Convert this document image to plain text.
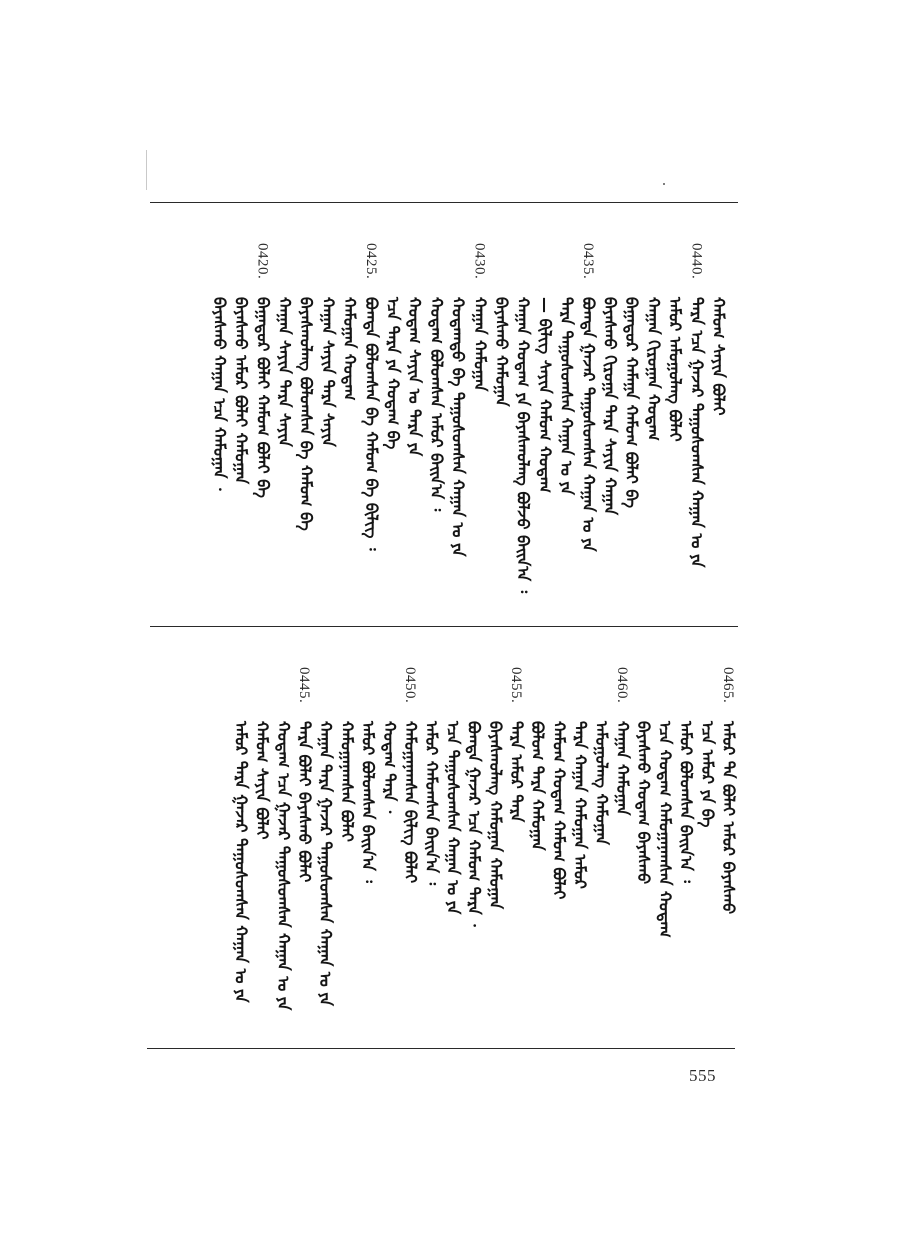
ᠬᠠᠮᠤᠭ ᠰᠠᠶᠢᠨ ᠪᠣᠯᠠᠢ
0440.
ᠲᠡᠷᠡ ᠡᠴᠡ ᠭᠠᠵᠠᠷ ᠳᠠᠭᠤᠰᠤᠭᠰᠠᠨ ᠬᠠᠭᠠᠨ ᠤ ᠶᠠ
ᠠᠮᠤᠷ ᠠᠮᠤᠭᠤᠯᠠᠩ ᠪᠣᠯᠠᠢ
ᠬᠠᠭᠠᠨ ᠬᠢᠷᠤᠭᠠᠨ ᠬᠤᠲᠠᠭ
ᠪᠠᠭᠠᠲᠤᠷ ᠬᠠᠮᠠᠭᠠ ᠬᠠᠮᠤᠭ ᠪᠣᠯᠠᠢ ᠪᠠ
ᠪᠠᠶᠠᠰᠬᠤ ᠬᠢᠷᠤᠭᠠ ᠲᠡᠷᠡ ᠰᠠᠶᠢᠨ ᠬᠠᠭᠠᠨ
0435.
ᠪᠣᠭᠳᠠ ᠭᠠᠵᠠᠷ ᠳᠠᠭᠤᠰᠤᠭᠰᠠᠨ ᠬᠠᠭᠠᠨ ᠤ ᠶᠠ
ᠲᠡᠷᠡ ᠳᠠᠭᠤᠰᠤᠭᠰᠠᠨ ᠬᠠᠭᠠᠨ ᠤ ᠶᠠ
— ᠪᠢᠯᠢᠭ ᠰᠠᠶᠢᠨ ᠬᠠᠮᠤᠭ ᠬᠤᠲᠠᠭ
ᠬᠠᠭᠠᠨ ᠬᠤᠲᠠᠭ ᠶᠠ ᠪᠠᠶᠠᠰᠬᠤᠯᠠᠩ ᠪᠣᠯᠵᠤ ᠪᠠᠢᠨ᠎ᠠ ᠄
ᠪᠠᠶᠠᠰᠬᠤ ᠬᠠᠮᠤᠭᠠᠨ
0430.
ᠬᠠᠭᠠᠨ ᠬᠠᠮᠤᠭᠠᠨ
ᠬᠤᠲᠠᠭᠲᠤ ᠪᠠ ᠳᠠᠭᠤᠰᠤᠭᠰᠠᠨ ᠬᠠᠭᠠᠨ ᠤ ᠶᠠ
ᠬᠤᠲᠠᠭ ᠪᠣᠯᠤᠭᠰᠠᠨ ᠠᠮᠤᠷ ᠪᠠᠢᠨ᠎ᠠ ᠄
ᠬᠤᠲᠠᠭ ᠰᠠᠶᠢᠨ ᠤ ᠲᠡᠷᠡ ᠶᠠ
ᠡᠴᠡ ᠲᠡᠷᠡ ᠶᠠ ᠬᠤᠲᠠᠭ ᠪᠠ
0425.
ᠪᠣᠭᠳᠠ ᠪᠣᠯᠤᠭᠰᠠᠨ ᠪᠠ ᠬᠠᠮᠤᠭ ᠪᠠ ᠪᠢᠯᠢᠭ ᠄
ᠬᠠᠮᠤᠭᠠᠨ ᠬᠤᠲᠠᠭ
ᠬᠠᠭᠠᠨ ᠰᠠᠶᠢᠨ ᠲᠡᠷᠡ ᠰᠠᠶᠢᠨ
ᠪᠠᠶᠠᠰᠬᠤᠯᠠᠩ ᠪᠣᠯᠤᠭᠰᠠᠨ ᠪᠠ ᠬᠠᠮᠤᠭ ᠪᠠ
ᠬᠠᠭᠠᠨ ᠰᠠᠶᠢᠨ ᠲᠡᠷᠡ ᠰᠠᠶᠢᠨ
0420.
ᠪᠠᠭᠠᠲᠤᠷ ᠪᠣᠯᠠᠢ ᠬᠠᠮᠤᠭ ᠪᠣᠯᠠᠢ ᠪᠠ
ᠪᠠᠶᠠᠰᠬᠤ ᠠᠮᠤᠷ ᠪᠣᠯᠠᠢ ᠬᠠᠮᠤᠭᠠᠨ
ᠪᠠᠶᠠᠰᠬᠤ ᠬᠠᠭᠠᠨ ᠡᠴᠡ ᠬᠠᠮᠤᠭᠠᠨ ᠂
0465.
ᠠᠮᠤᠷ ᠲᠡ ᠪᠣᠯᠠᠢ ᠠᠮᠤᠷ ᠪᠠᠶᠠᠰᠬᠤ
ᠡᠴᠡ ᠠᠮᠤᠷ ᠶᠠ ᠪᠠ
ᠠᠮᠤᠷ ᠪᠣᠯᠤᠭᠰᠠᠨ ᠪᠠᠢᠨ᠎ᠠ ᠄
ᠡᠴᠡ ᠬᠤᠲᠠᠭ ᠬᠠᠮᠤᠭᠠᠨᠠᠭᠰᠠᠨ ᠬᠤᠲᠠᠭ
ᠪᠠᠶᠠᠰᠬᠤ ᠬᠤᠲᠠᠭ ᠪᠠᠶᠠᠰᠬᠤ
0460.
ᠬᠠᠭᠠᠨ ᠬᠠᠮᠤᠭᠠᠨ
ᠠᠮᠤᠭᠤᠯᠠᠩ ᠬᠠᠮᠤᠭᠠᠨ
ᠲᠡᠷᠡ ᠬᠠᠭᠠᠨ ᠬᠠᠮᠤᠭᠠᠨ ᠠᠮᠤᠷ
ᠬᠠᠮᠤᠭ ᠬᠤᠲᠠᠭ ᠬᠠᠮᠤᠭ ᠪᠣᠯᠠᠢ
ᠪᠣᠯᠤᠭ ᠲᠡᠷᠡ ᠬᠠᠮᠤᠭᠠᠨ
0455.
ᠲᠡᠷᠡ ᠠᠮᠤᠷ ᠲᠡᠷᠡ
ᠪᠠᠶᠠᠰᠬᠤᠯᠠᠩ ᠬᠠᠮᠤᠭᠠᠨ ᠬᠠᠮᠤᠭᠠᠨ
ᠪᠣᠭᠳᠠ ᠭᠠᠵᠠᠷ ᠡᠴᠡ ᠬᠠᠮᠤᠭ ᠲᠡᠷᠡ ᠂
ᠡᠴᠡ ᠳᠠᠭᠤᠰᠤᠭᠰᠠᠨ ᠬᠠᠭᠠᠨ ᠤ ᠶᠠ
ᠠᠮᠤᠷ ᠬᠠᠮᠤᠭᠰᠠᠨ ᠪᠠᠢᠨ᠎ᠠ ᠄
0450.
ᠬᠠᠮᠤᠭᠠᠨᠠᠭᠰᠠᠨ ᠪᠢᠯᠢᠭ ᠪᠣᠯᠠᠢ
ᠬᠤᠲᠠᠭ ᠲᠡᠷᠡ ᠂
ᠠᠮᠤᠷ ᠪᠣᠯᠤᠭᠰᠠᠨ ᠪᠠᠢᠨ᠎ᠠ ᠄
ᠬᠠᠮᠤᠭᠠᠨᠠᠭᠰᠠᠨ ᠪᠣᠯᠠᠢ
ᠬᠠᠭᠠᠨ ᠲᠡᠷᠡ ᠭᠠᠵᠠᠷ ᠳᠠᠭᠤᠰᠤᠭᠰᠠᠨ ᠬᠠᠭᠠᠨ ᠤ ᠶᠠ
0445.
ᠲᠡᠷᠡ ᠪᠣᠯᠠᠢ ᠪᠠᠶᠠᠰᠬᠤ ᠪᠣᠯᠠᠢ
ᠬᠤᠲᠠᠭ ᠡᠴᠡ ᠭᠠᠵᠠᠷ ᠳᠠᠭᠤᠰᠤᠭᠰᠠᠨ ᠬᠠᠭᠠᠨ ᠤ ᠶᠠ
ᠬᠠᠮᠤᠭ ᠰᠠᠶᠢᠨ ᠪᠣᠯᠠᠢ
ᠠᠮᠤᠷ ᠲᠡᠷᠡ ᠭᠠᠵᠠᠷ ᠳᠠᠭᠤᠰᠤᠭᠰᠠᠨ ᠬᠠᠭᠠᠨ ᠤ ᠶᠠ
555
